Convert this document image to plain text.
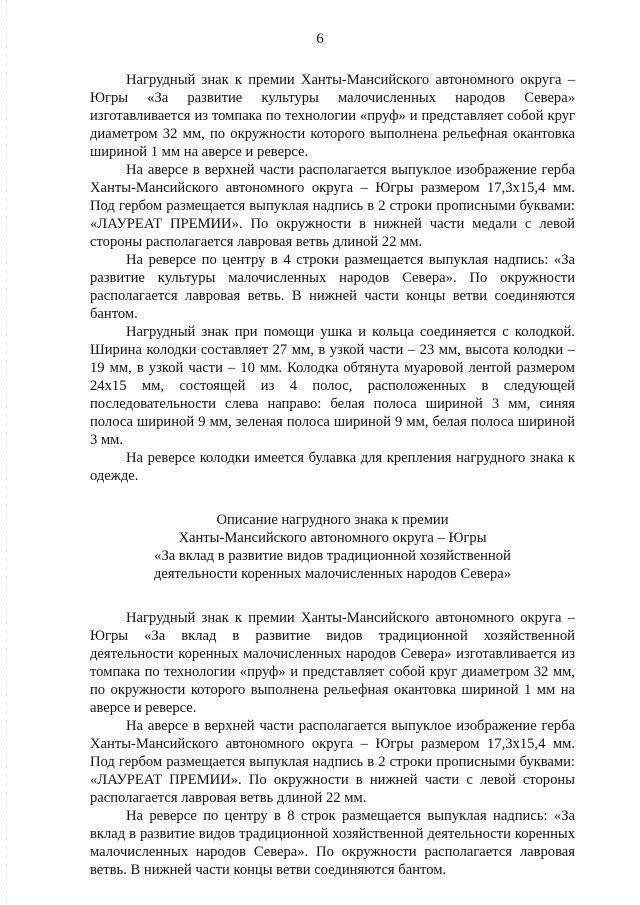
6

Нагрудный знак к премии Ханты-Мансийского автономного округа – Югры «За развитие культуры малочисленных народов Севера» изготавливается из томпака по технологии «пруф» и представляет собой круг диаметром 32 мм, по окружности которого выполнена рельефная окантовка шириной 1 мм на аверсе и реверсе.

На аверсе в верхней части располагается выпуклое изображение герба Ханты-Мансийского автономного округа – Югры размером 17,3х15,4 мм. Под гербом размещается выпуклая надпись в 2 строки прописными буквами: «ЛАУРЕАТ ПРЕМИИ». По окружности в нижней части медали с левой стороны располагается лавровая ветвь длиной 22 мм.

На реверсе по центру в 4 строки размещается выпуклая надпись: «За развитие культуры малочисленных народов Севера». По окружности располагается лавровая ветвь. В нижней части концы ветви соединяются бантом.

Нагрудный знак при помощи ушка и кольца соединяется с колодкой. Ширина колодки составляет 27 мм, в узкой части – 23 мм, высота колодки – 19 мм, в узкой части – 10 мм. Колодка обтянута муаровой лентой размером 24х15 мм, состоящей из 4 полос, расположенных в следующей последовательности слева направо: белая полоса шириной 3 мм, синяя полоса шириной 9 мм, зеленая полоса шириной 9 мм, белая полоса шириной 3 мм.

На реверсе колодки имеется булавка для крепления нагрудного знака к одежде.

Описание нагрудного знака к премии
Ханты-Мансийского автономного округа – Югры
«За вклад в развитие видов традиционной хозяйственной
деятельности коренных малочисленных народов Севера»

Нагрудный знак к премии Ханты-Мансийского автономного округа – Югры «За вклад в развитие видов традиционной хозяйственной деятельности коренных малочисленных народов Севера» изготавливается из томпака по технологии «пруф» и представляет собой круг диаметром 32 мм, по окружности которого выполнена рельефная окантовка шириной 1 мм на аверсе и реверсе.

На аверсе в верхней части располагается выпуклое изображение герба Ханты-Мансийского автономного округа – Югры размером 17,3х15,4 мм. Под гербом размещается выпуклая надпись в 2 строки прописными буквами: «ЛАУРЕАТ ПРЕМИИ». По окружности в нижней части с левой стороны располагается лавровая ветвь длиной 22 мм.

На реверсе по центру в 8 строк размещается выпуклая надпись: «За вклад в развитие видов традиционной хозяйственной деятельности коренных малочисленных народов Севера». По окружности располагается лавровая ветвь. В нижней части концы ветви соединяются бантом.
